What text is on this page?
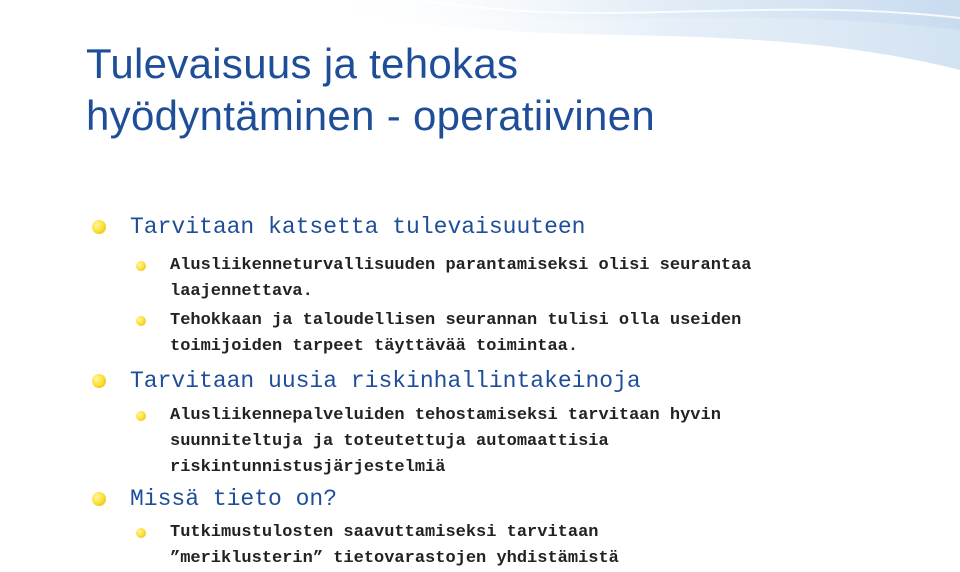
Tulevaisuus ja tehokas
hyödyntäminen - operatiivinen
Tarvitaan katsetta tulevaisuuteen
Alusliikenneturvallisuuden parantamiseksi olisi seurantaa
laajennettava.
Tehokkaan ja taloudellisen seurannan tulisi olla useiden
toimijoiden tarpeet täyttävää toimintaa.
Tarvitaan uusia riskinhallintakeinoja
Alusliikennepalveluiden tehostamiseksi tarvitaan hyvin
suunniteltuja ja toteutettuja automaattisia
riskintunnistusjärjestelmiä
Missä tieto on?
Tutkimustulosten saavuttamiseksi tarvitaan
”meriklusterin” tietovarastojen yhdistämistä
